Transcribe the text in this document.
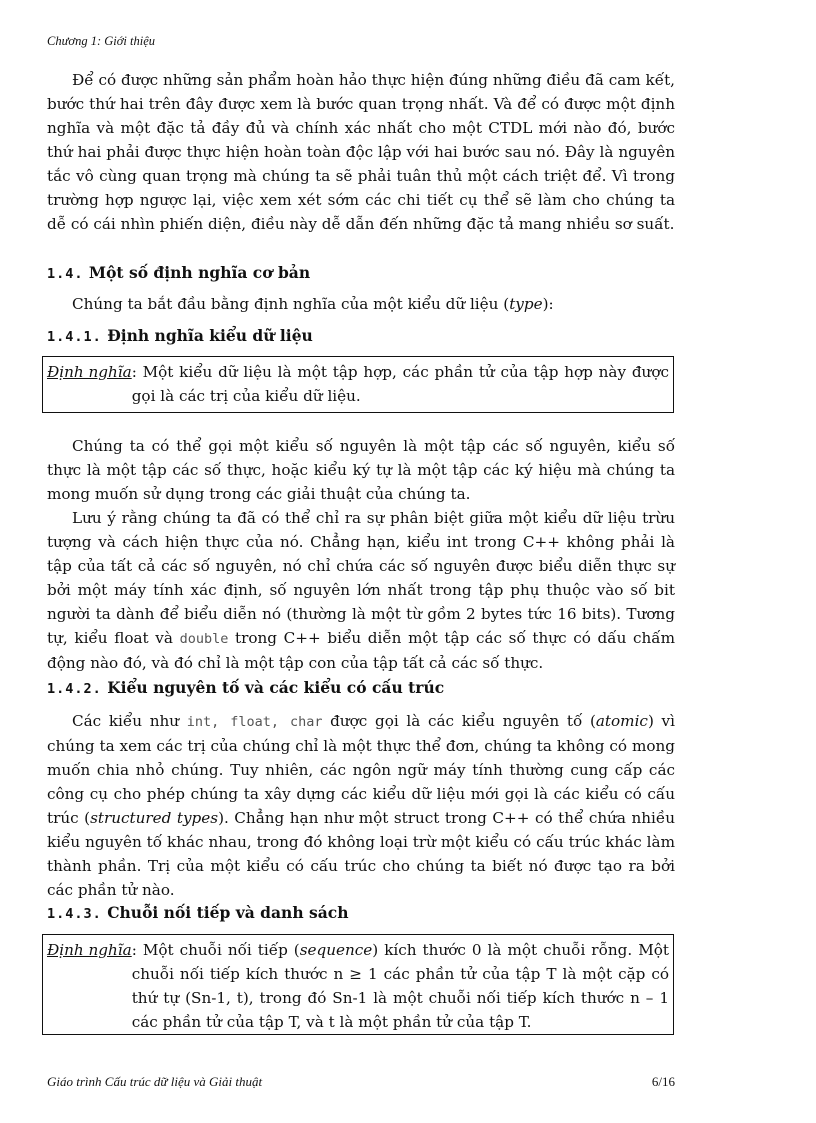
Chương 1: Giới thiệu

Để có được những sản phẩm hoàn hảo thực hiện đúng những điều đã cam kết, bước thứ hai trên đây được xem là bước quan trọng nhất. Và để có được một định nghĩa và một đặc tả đầy đủ và chính xác nhất cho một CTDL mới nào đó, bước thứ hai phải được thực hiện hoàn toàn độc lập với hai bước sau nó. Đây là nguyên tắc vô cùng quan trọng mà chúng ta sẽ phải tuân thủ một cách triệt để. Vì trong trường hợp ngược lại, việc xem xét sớm các chi tiết cụ thể sẽ làm cho chúng ta dễ có cái nhìn phiến diện, điều này dễ dẫn đến những đặc tả mang nhiều sơ suất.

1.4. Một số định nghĩa cơ bản

Chúng ta bắt đầu bằng định nghĩa của một kiểu dữ liệu (type):

1.4.1. Định nghĩa kiểu dữ liệu
Định nghĩa : Một kiểu dữ liệu là một tập hợp, các phần tử của tập hợp này được gọi là các trị của kiểu dữ liệu.

Chúng ta có thể gọi một kiểu số nguyên là một tập các số nguyên, kiểu số thực là một tập các số thực, hoặc kiểu ký tự là một tập các ký hiệu mà chúng ta mong muốn sử dụng trong các giải thuật của chúng ta.

Lưu ý rằng chúng ta đã có thể chỉ ra sự phân biệt giữa một kiểu dữ liệu trừu tượng và cách hiện thực của nó. Chẳng hạn, kiểu int trong C++ không phải là tập của tất cả các số nguyên, nó chỉ chứa các số nguyên được biểu diễn thực sự bởi một máy tính xác định, số nguyên lớn nhất trong tập phụ thuộc vào số bit người ta dành để biểu diễn nó (thường là một từ gồm 2 bytes tức 16 bits). Tương tự, kiểu float và double trong C++ biểu diễn một tập các số thực có dấu chấm động nào đó, và đó chỉ là một tập con của tập tất cả các số thực.

1.4.2. Kiểu nguyên tố và các kiểu có cấu trúc

Các kiểu như int, float, char được gọi là các kiểu nguyên tố (atomic) vì chúng ta xem các trị của chúng chỉ là một thực thể đơn, chúng ta không có mong muốn chia nhỏ chúng. Tuy nhiên, các ngôn ngữ máy tính thường cung cấp các công cụ cho phép chúng ta xây dựng các kiểu dữ liệu mới gọi là các kiểu có cấu trúc (structured types). Chẳng hạn như một struct trong C++ có thể chứa nhiều kiểu nguyên tố khác nhau, trong đó không loại trừ một kiểu có cấu trúc khác làm thành phần. Trị của một kiểu có cấu trúc cho chúng ta biết nó được tạo ra bởi các phần tử nào.

1.4.3. Chuỗi nối tiếp và danh sách
Định nghĩa : Một chuỗi nối tiếp (sequence) kích thước 0 là một chuỗi rỗng. Một chuỗi nối tiếp kích thước n ≥ 1 các phần tử của tập T là một cặp có thứ tự (Sn-1, t), trong đó Sn-1 là một chuỗi nối tiếp kích thước n – 1 các phần tử của tập T, và t là một phần tử của tập T.
Giáo trình Cấu trúc dữ liệu và Giải thuật	6/16
